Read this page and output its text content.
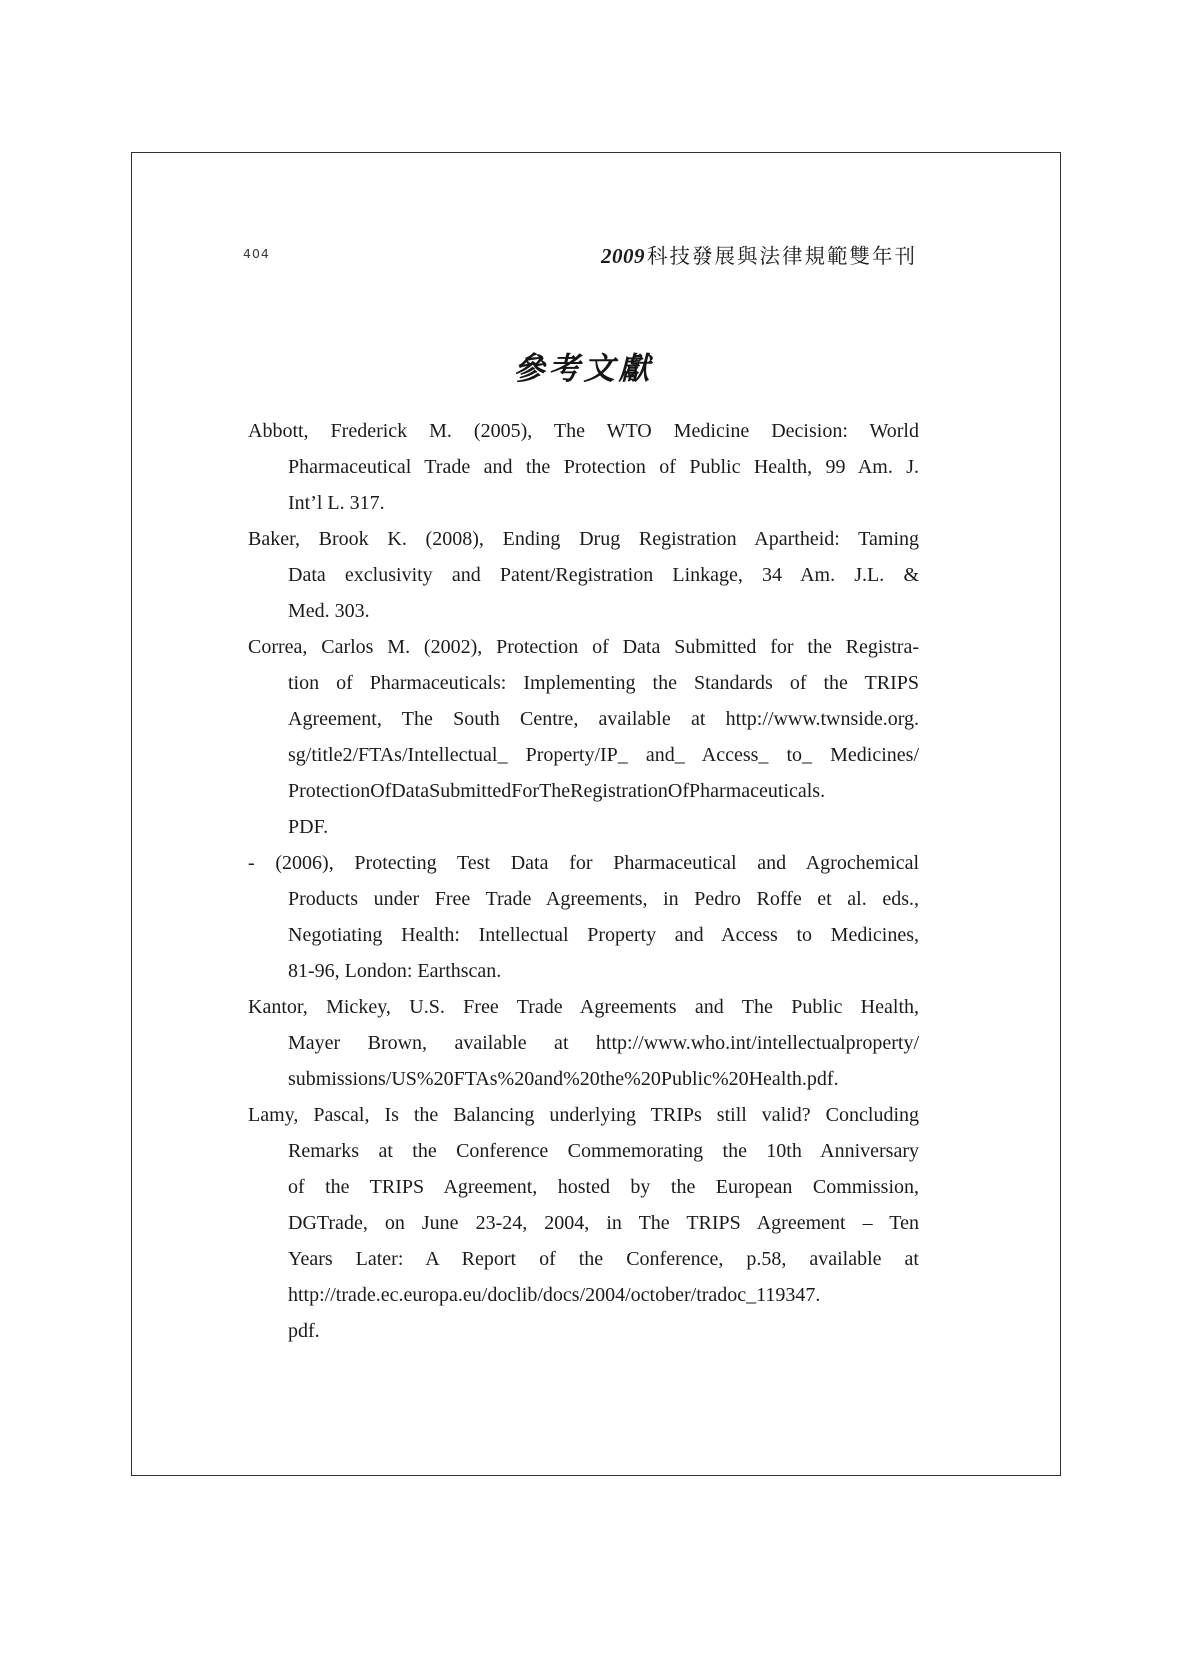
404	2009科技發展與法律規範雙年刊
參考文獻
Abbott, Frederick M. (2005), The WTO Medicine Decision: World
Pharmaceutical Trade and the Protection of Public Health, 99 Am. J.
Int’l L. 317.
Baker, Brook K. (2008), Ending Drug Registration Apartheid: Taming
Data exclusivity and Patent/Registration Linkage, 34 Am. J.L. &
Med. 303.
Correa, Carlos M. (2002), Protection of Data Submitted for the Registra-
tion of Pharmaceuticals: Implementing the Standards of the TRIPS
Agreement, The South Centre, available at http://www.twnside.org.
sg/title2/FTAs/Intellectual_ Property/IP_ and_ Access_ to_ Medicines/
ProtectionOfDataSubmittedForTheRegistrationOfPharmaceuticals.
PDF.
- (2006), Protecting Test Data for Pharmaceutical and Agrochemical
Products under Free Trade Agreements, in Pedro Roffe et al. eds.,
Negotiating Health: Intellectual Property and Access to Medicines,
81-96, London: Earthscan.
Kantor, Mickey, U.S. Free Trade Agreements and The Public Health,
Mayer Brown, available at http://www.who.int/intellectualproperty/
submissions/US%20FTAs%20and%20the%20Public%20Health.pdf.
Lamy, Pascal, Is the Balancing underlying TRIPs still valid? Concluding
Remarks at the Conference Commemorating the 10th Anniversary
of the TRIPS Agreement, hosted by the European Commission,
DGTrade, on June 23-24, 2004, in The TRIPS Agreement – Ten
Years Later: A Report of the Conference, p.58, available at
http://trade.ec.europa.eu/doclib/docs/2004/october/tradoc_119347.
pdf.
